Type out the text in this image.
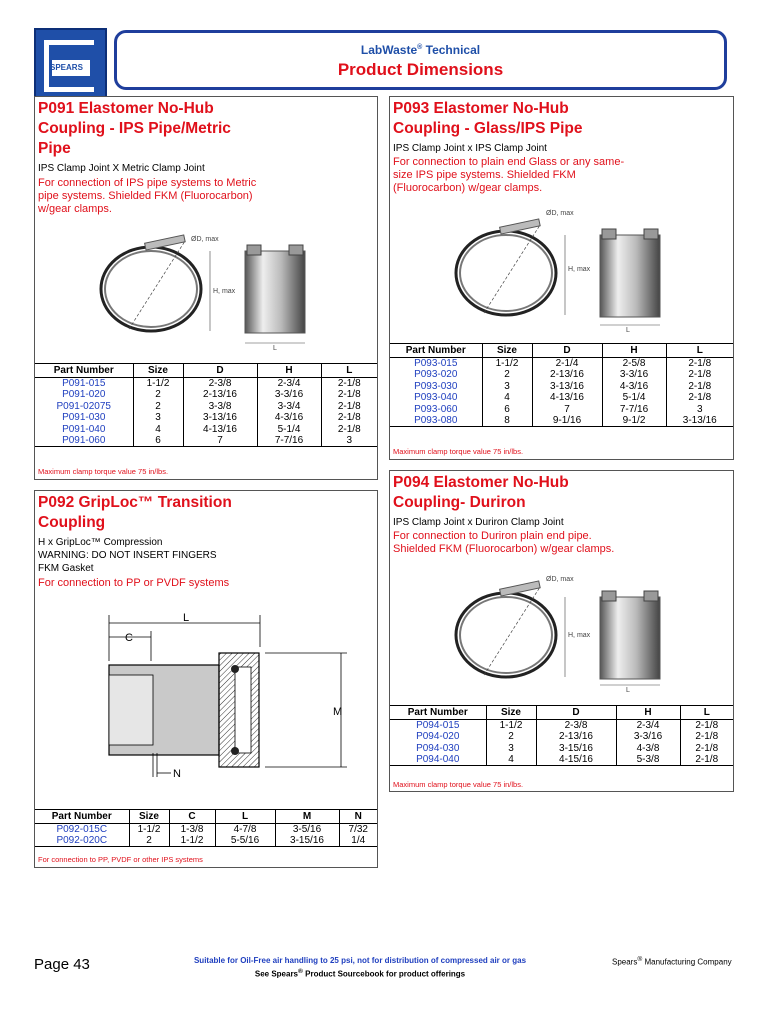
SPEARS
LabWaste® Technical
Product Dimensions
P091 Elastomer No-Hub
Coupling - IPS Pipe/Metric
Pipe
IPS Clamp Joint X Metric Clamp Joint
For connection of IPS pipe systems to Metric
pipe systems. Shielded FKM (Fluorocarbon)
w/gear clamps.
ØD, max
H, max
L
Part Number	Size	D	H	L
P091-015	1-1/2	2-3/8	2-3/4	2-1/8
P091-020	2	2-13/16	3-3/16	2-1/8
P091-02075	2	3-3/8	3-3/4	2-1/8
P091-030	3	3-13/16	4-3/16	2-1/8
P091-040	4	4-13/16	5-1/4	2-1/8
P091-060	6	7	7-7/16	3
Maximum clamp torque value 75 in/lbs.
P093 Elastomer No-Hub
Coupling - Glass/IPS Pipe
IPS Clamp Joint x IPS Clamp Joint
For connection to plain end Glass or any same-
size IPS pipe systems. Shielded FKM
(Fluorocarbon) w/gear clamps.
ØD, max
H, max
L
Part Number	Size	D	H	L
P093-015	1-1/2	2-1/4	2-5/8	2-1/8
P093-020	2	2-13/16	3-3/16	2-1/8
P093-030	3	3-13/16	4-3/16	2-1/8
P093-040	4	4-13/16	5-1/4	2-1/8
P093-060	6	7	7-7/16	3
P093-080	8	9-1/16	9-1/2	3-13/16
Maximum clamp torque value 75 in/lbs.
P092 GripLoc™ Transition
Coupling
H x GripLoc™ Compression
WARNING: DO NOT INSERT FINGERS
FKM Gasket
For connection to PP or PVDF systems
L
C
M
N
Part Number	Size	C	L	M	N
P092-015C	1-1/2	1-3/8	4-7/8	3-5/16	7/32
P092-020C	2	1-1/2	5-5/16	3-15/16	1/4
For connection to PP, PVDF or other IPS systems
P094 Elastomer No-Hub
Coupling- Duriron
IPS Clamp Joint x Duriron Clamp Joint
For connection to Duriron plain end pipe.
Shielded FKM (Fluorocarbon) w/gear clamps.
ØD, max
H, max
L
Part Number	Size	D	H	L
P094-015	1-1/2	2-3/8	2-3/4	2-1/8
P094-020	2	2-13/16	3-3/16	2-1/8
P094-030	3	3-15/16	4-3/8	2-1/8
P094-040	4	4-15/16	5-3/8	2-1/8
Maximum clamp torque value 75 in/lbs.
Page 43	Suitable for Oil-Free air handling to 25 psi, not for distribution of compressed air or gas
See Spears® Product Sourcebook for product offerings
Spears® Manufacturing Company
